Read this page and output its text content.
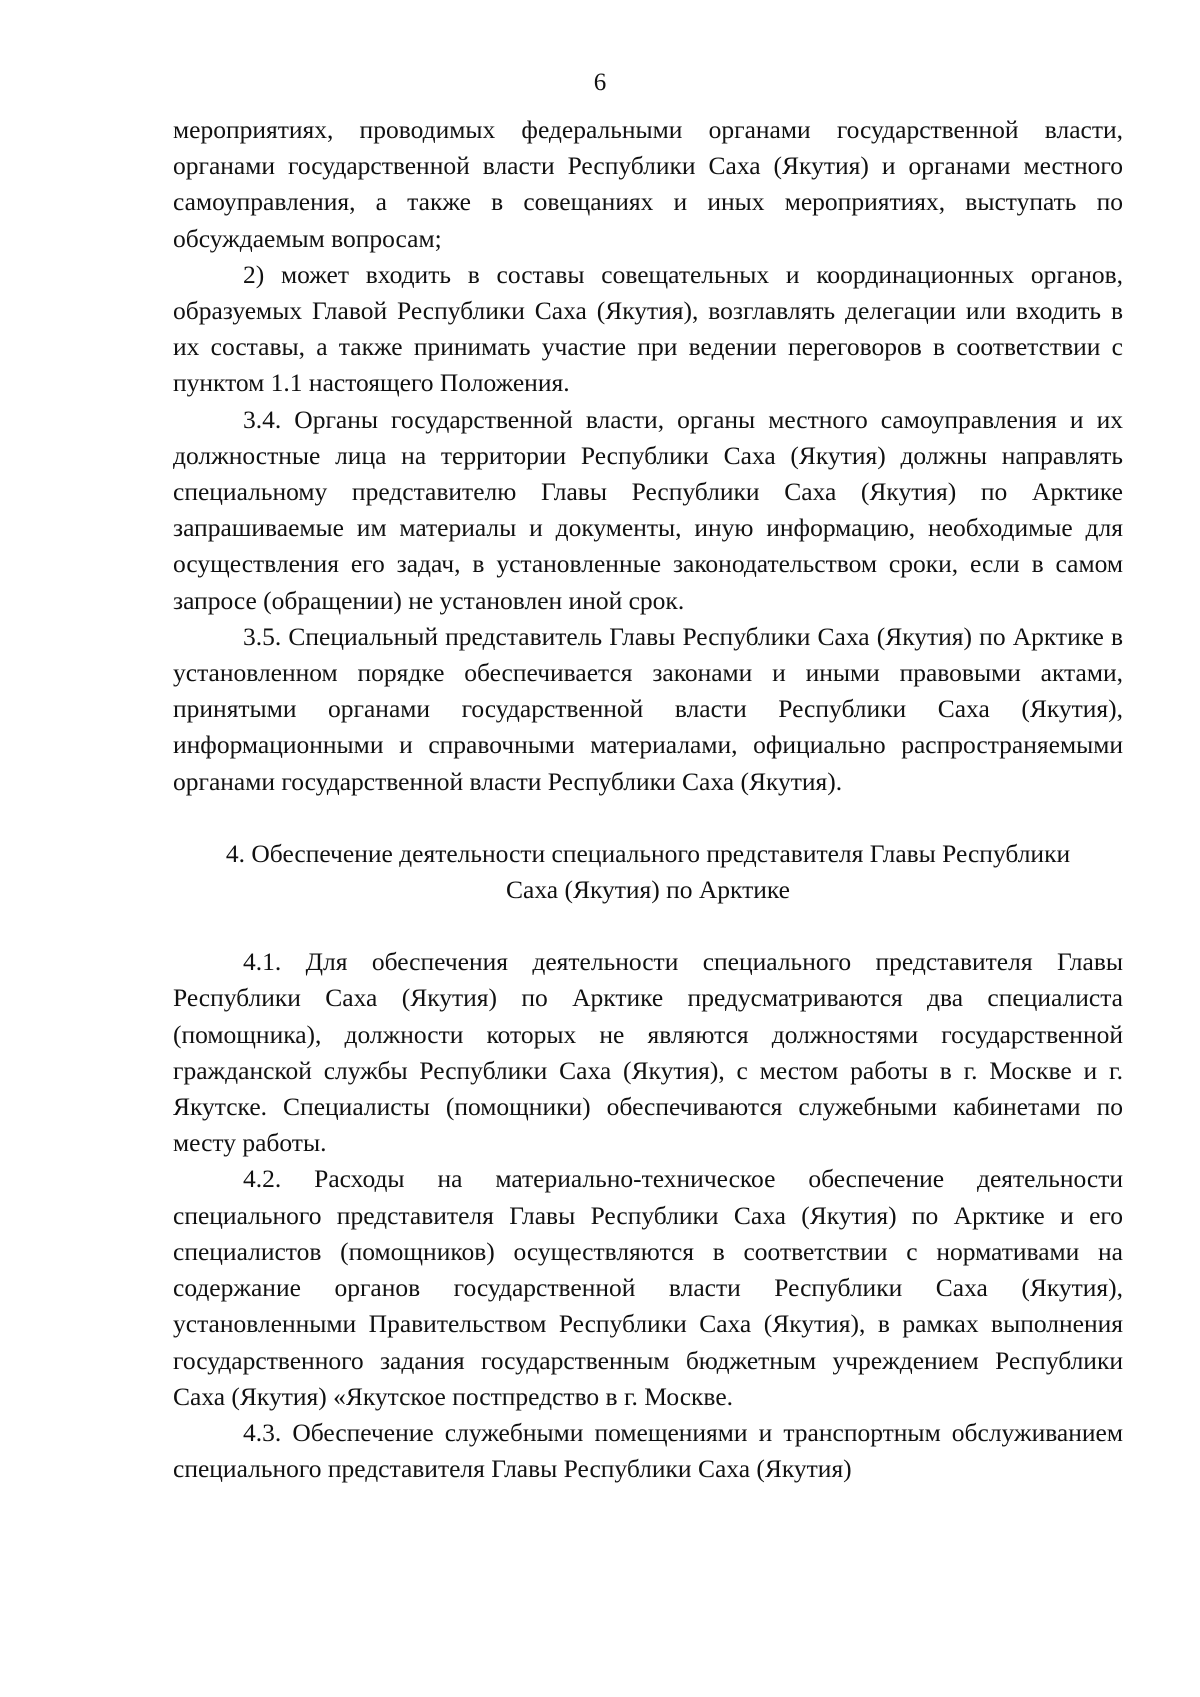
6

мероприятиях, проводимых федеральными органами государственной власти, органами государственной власти Республики Саха (Якутия) и органами местного самоуправления, а также в совещаниях и иных мероприятиях, выступать по обсуждаемым вопросам;

2) может входить в составы совещательных и координационных органов, образуемых Главой Республики Саха (Якутия), возглавлять делегации или входить в их составы, а также принимать участие при ведении переговоров в соответствии с пунктом 1.1 настоящего Положения.

3.4. Органы государственной власти, органы местного самоуправления и их должностные лица на территории Республики Саха (Якутия) должны направлять специальному представителю Главы Республики Саха (Якутия) по Арктике запрашиваемые им материалы и документы, иную информацию, необходимые для осуществления его задач, в установленные законодательством сроки, если в самом запросе (обращении) не установлен иной срок.

3.5. Специальный представитель Главы Республики Саха (Якутия) по Арктике в установленном порядке обеспечивается законами и иными правовыми актами, принятыми органами государственной власти Республики Саха (Якутия), информационными и справочными материалами, официально распространяемыми органами государственной власти Республики Саха (Якутия).

4. Обеспечение деятельности специального представителя Главы Республики
Саха (Якутия) по Арктике

4.1. Для обеспечения деятельности специального представителя Главы Республики Саха (Якутия) по Арктике предусматриваются два специалиста (помощника), должности которых не являются должностями государственной гражданской службы Республики Саха (Якутия), с местом работы в г. Москве и г. Якутске. Специалисты (помощники) обеспечиваются служебными кабинетами по месту работы.

4.2. Расходы на материально-техническое обеспечение деятельности специального представителя Главы Республики Саха (Якутия) по Арктике и его специалистов (помощников) осуществляются в соответствии с нормативами на содержание органов государственной власти Республики Саха (Якутия), установленными Правительством Республики Саха (Якутия), в рамках выполнения государственного задания государственным бюджетным учреждением Республики Саха (Якутия) «Якутское постпредство в г. Москве.

4.3. Обеспечение служебными помещениями и транспортным обслуживанием специального представителя Главы Республики Саха (Якутия)
